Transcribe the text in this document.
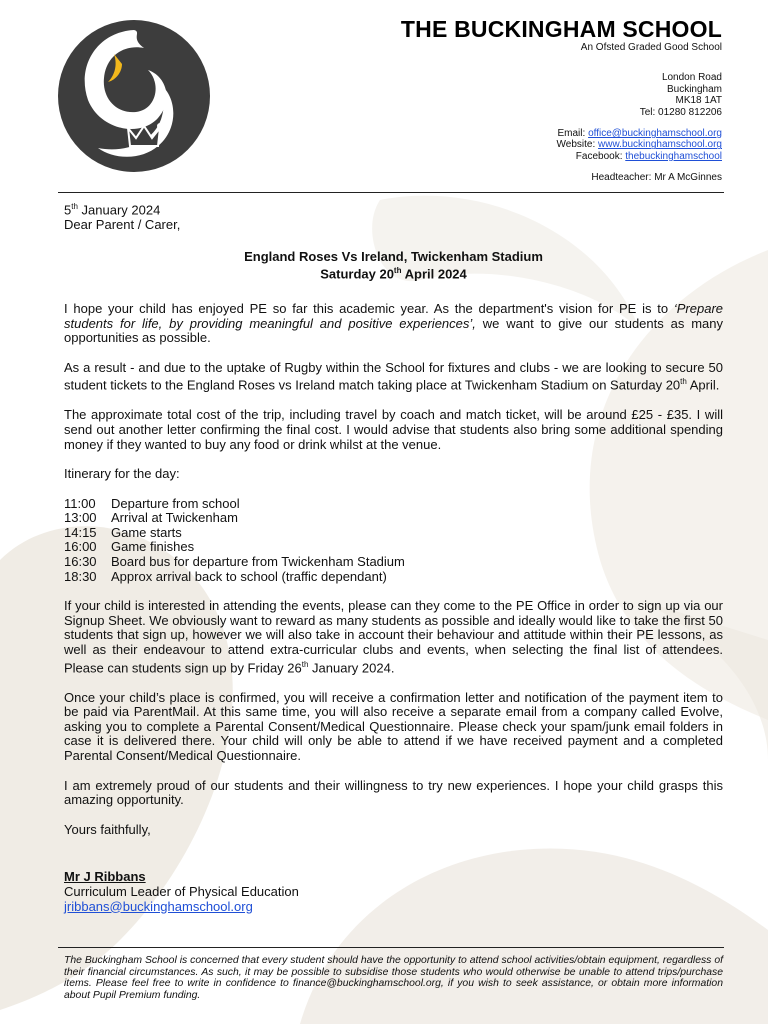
THE BUCKINGHAM SCHOOL
An Ofsted Graded Good School
London Road
Buckingham
MK18 1AT
Tel: 01280 812206
Email: office@buckinghamschool.org
Website: www.buckinghamschool.org
Facebook: thebuckinghamschool
Headteacher: Mr A McGinnes

5th January 2024

Dear Parent / Carer,

England Roses Vs Ireland, Twickenham Stadium
Saturday 20th April 2024

I hope your child has enjoyed PE so far this academic year. As the department's vision for PE is to ‘Prepare students for life, by providing meaningful and positive experiences’, we want to give our students as many opportunities as possible.

As a result - and due to the uptake of Rugby within the School for fixtures and clubs - we are looking to secure 50 student tickets to the England Roses vs Ireland match taking place at Twickenham Stadium on Saturday 20th April.

The approximate total cost of the trip, including travel by coach and match ticket, will be around £25 - £35. I will send out another letter confirming the final cost. I would advise that students also bring some additional spending money if they wanted to buy any food or drink whilst at the venue.

Itinerary for the day:

11:00	Departure from school
13:00	Arrival at Twickenham
14:15	Game starts
16:00	Game finishes
16:30	Board bus for departure from Twickenham Stadium
18:30	Approx arrival back to school (traffic dependant)

If your child is interested in attending the events, please can they come to the PE Office in order to sign up via our Signup Sheet. We obviously want to reward as many students as possible and ideally would like to take the first 50 students that sign up, however we will also take in account their behaviour and attitude within their PE lessons, as well as their endeavour to attend extra-curricular clubs and events, when selecting the final list of attendees. Please can students sign up by Friday 26th January 2024.

Once your child’s place is confirmed, you will receive a confirmation letter and notification of the payment item to be paid via ParentMail. At this same time, you will also receive a separate email from a company called Evolve, asking you to complete a Parental Consent/Medical Questionnaire. Please check your spam/junk email folders in case it is delivered there. Your child will only be able to attend if we have received payment and a completed Parental Consent/Medical Questionnaire.

I am extremely proud of our students and their willingness to try new experiences. I hope your child grasps this amazing opportunity.

Yours faithfully,

Mr J Ribbans

Curriculum Leader of Physical Education

jribbans@buckinghamschool.org

The Buckingham School is concerned that every student should have the opportunity to attend school activities/obtain equipment, regardless of their financial circumstances. As such, it may be possible to subsidise those students who would otherwise be unable to attend trips/purchase items. Please feel free to write in confidence to finance@buckinghamschool.org, if you wish to seek assistance, or obtain more information about Pupil Premium funding.
